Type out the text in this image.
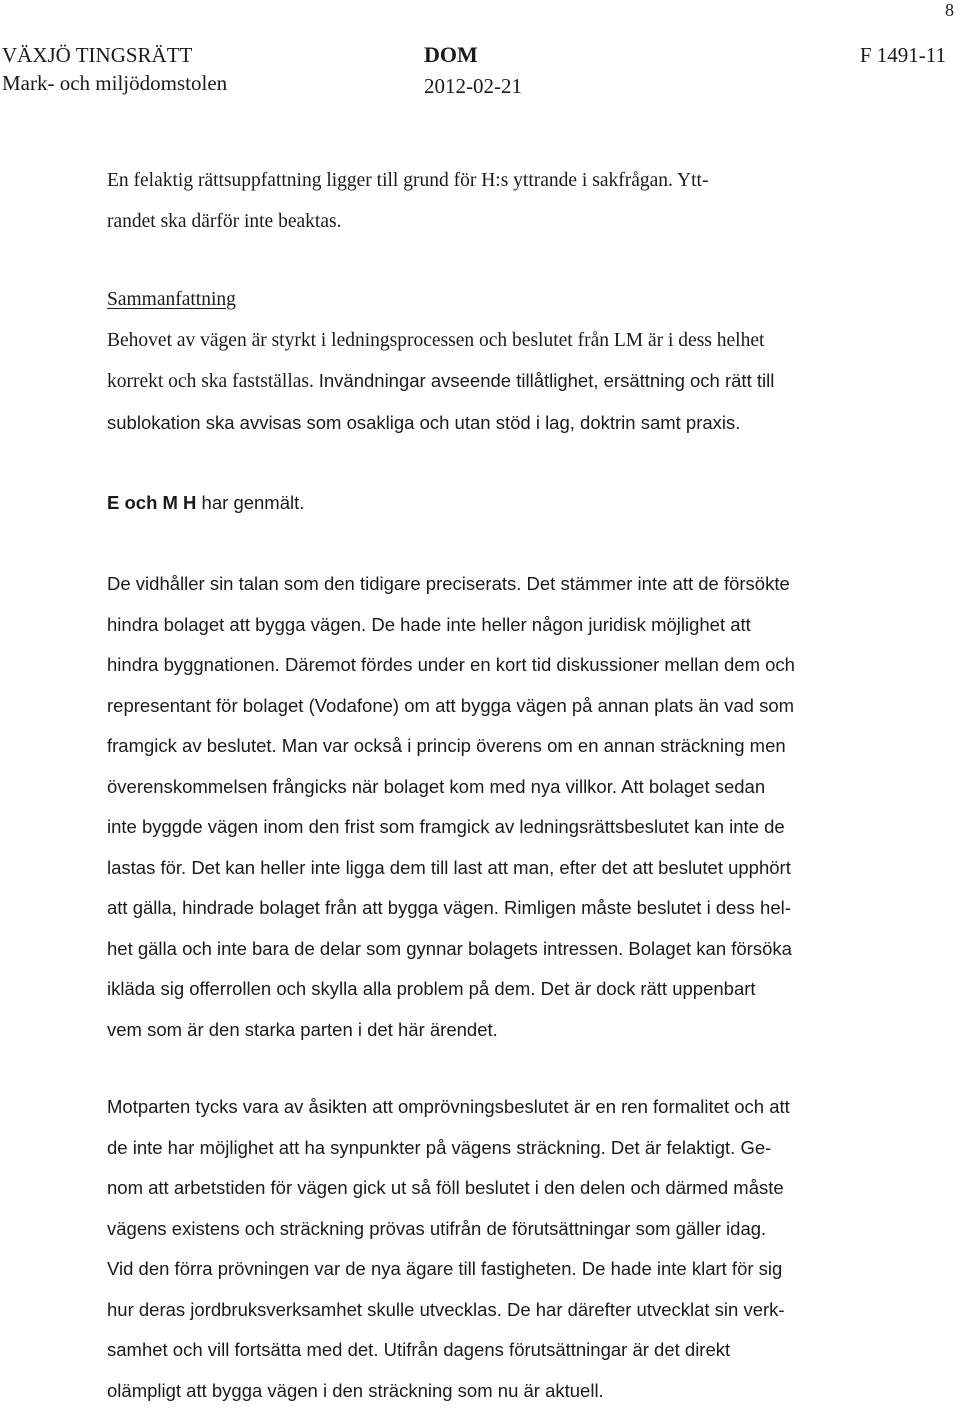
8
VÄXJÖ TINGSRÄTT
Mark- och miljödomstolen
DOM
2012-02-21
F 1491-11
En felaktig rättsuppfattning ligger till grund för H:s yttrande i sakfrågan. Ytt-
randet ska därför inte beaktas.
Sammanfattning
Behovet av vägen är styrkt i ledningsprocessen och beslutet från LM är i dess helhet
korrekt och ska fastställas. Invändningar avseende tillåtlighet, ersättning och rätt till
sublokation ska avvisas som osakliga och utan stöd i lag, doktrin samt praxis.
E och M H har genmält.
De vidhåller sin talan som den tidigare preciserats. Det stämmer inte att de försökte
hindra bolaget att bygga vägen. De hade inte heller någon juridisk möjlighet att
hindra byggnationen. Däremot fördes under en kort tid diskussioner mellan dem och
representant för bolaget (Vodafone) om att bygga vägen på annan plats än vad som
framgick av beslutet. Man var också i princip överens om en annan sträckning men
överenskommelsen frångicks när bolaget kom med nya villkor. Att bolaget sedan
inte byggde vägen inom den frist som framgick av ledningsrättsbeslutet kan inte de
lastas för. Det kan heller inte ligga dem till last att man, efter det att beslutet upphört
att gälla, hindrade bolaget från att bygga vägen. Rimligen måste beslutet i dess hel-
het gälla och inte bara de delar som gynnar bolagets intressen. Bolaget kan försöka
ikläda sig offerrollen och skylla alla problem på dem. Det är dock rätt uppenbart
vem som är den starka parten i det här ärendet.
Motparten tycks vara av åsikten att omprövningsbeslutet är en ren formalitet och att
de inte har möjlighet att ha synpunkter på vägens sträckning. Det är felaktigt. Ge-
nom att arbetstiden för vägen gick ut så föll beslutet i den delen och därmed måste
vägens existens och sträckning prövas utifrån de förutsättningar som gäller idag.
Vid den förra prövningen var de nya ägare till fastigheten. De hade inte klart för sig
hur deras jordbruksverksamhet skulle utvecklas. De har därefter utvecklat sin verk-
samhet och vill fortsätta med det. Utifrån dagens förutsättningar är det direkt
olämpligt att bygga vägen i den sträckning som nu är aktuell.
